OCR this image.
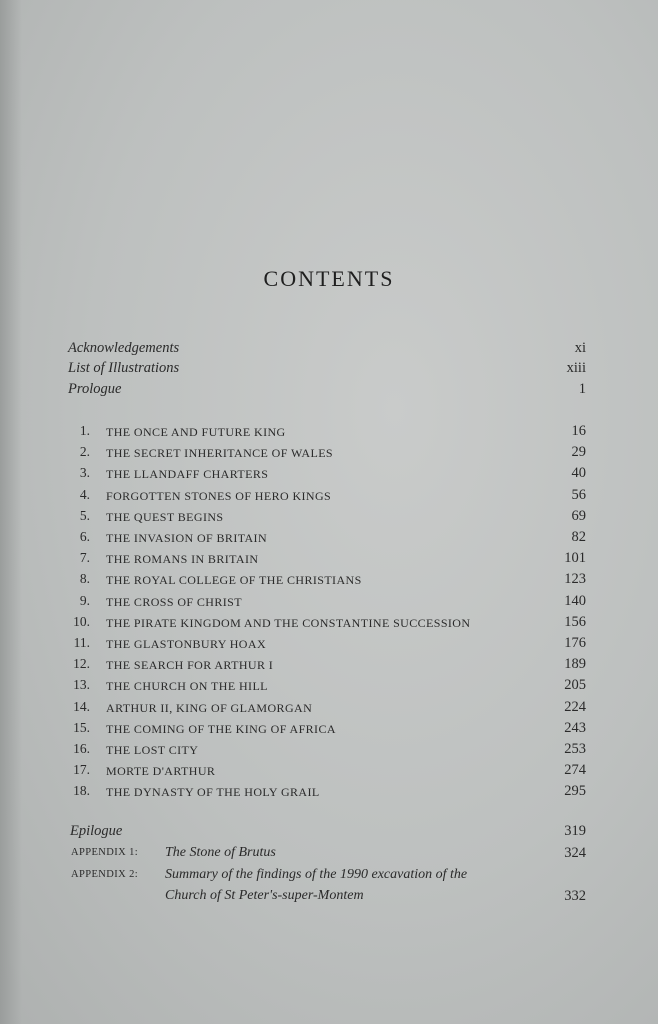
CONTENTS
Acknowledgements	xi
List of Illustrations	xiii
Prologue	1
1. THE ONCE AND FUTURE KING	16
2. THE SECRET INHERITANCE OF WALES	29
3. THE LLANDAFF CHARTERS	40
4. FORGOTTEN STONES OF HERO KINGS	56
5. THE QUEST BEGINS	69
6. THE INVASION OF BRITAIN	82
7. THE ROMANS IN BRITAIN	101
8. THE ROYAL COLLEGE OF THE CHRISTIANS	123
9. THE CROSS OF CHRIST	140
10. THE PIRATE KINGDOM AND THE CONSTANTINE SUCCESSION	156
11. THE GLASTONBURY HOAX	176
12. THE SEARCH FOR ARTHUR I	189
13. THE CHURCH ON THE HILL	205
14. ARTHUR II, KING OF GLAMORGAN	224
15. THE COMING OF THE KING OF AFRICA	243
16. THE LOST CITY	253
17. MORTE D'ARTHUR	274
18. THE DYNASTY OF THE HOLY GRAIL	295
Epilogue	319
APPENDIX 1: The Stone of Brutus	324
APPENDIX 2: Summary of the findings of the 1990 excavation of the
Church of St Peter's-super-Montem	332
